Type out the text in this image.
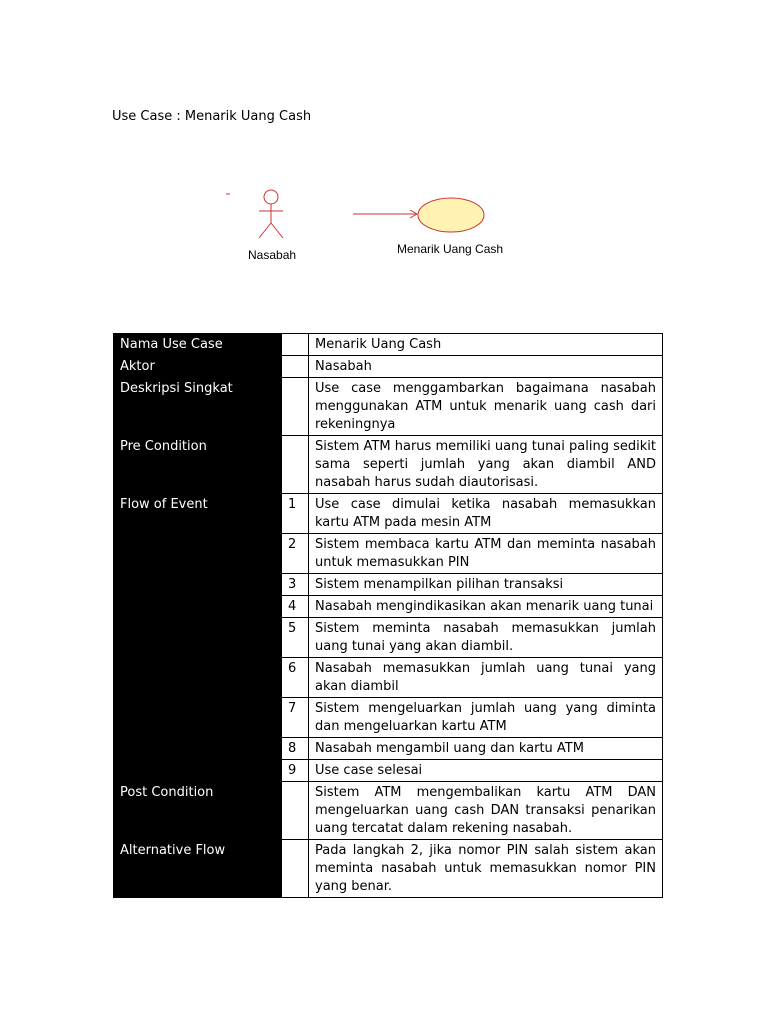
Use Case : Menarik Uang Cash
Nasabah	Menarik Uang Cash
Nama Use Case		Menarik Uang Cash
Aktor		Nasabah
Deskripsi Singkat		Use case menggambarkan bagaimana nasabah menggunakan ATM untuk menarik uang cash dari rekeningnya
Pre Condition		Sistem ATM harus memiliki uang tunai paling sedikit sama seperti jumlah yang akan diambil AND nasabah harus sudah diautorisasi.
Flow of Event	1	Use case dimulai ketika nasabah memasukkan kartu ATM pada mesin ATM
	2	Sistem membaca kartu ATM dan meminta nasabah untuk memasukkan PIN
	3	Sistem menampilkan pilihan transaksi
	4	Nasabah mengindikasikan akan menarik uang tunai
	5	Sistem meminta nasabah memasukkan jumlah uang tunai yang akan diambil.
	6	Nasabah memasukkan jumlah uang tunai yang akan diambil
	7	Sistem mengeluarkan jumlah uang yang diminta dan mengeluarkan kartu ATM
	8	Nasabah mengambil uang dan kartu ATM
	9	Use case selesai
Post Condition		Sistem ATM mengembalikan kartu ATM DAN mengeluarkan uang cash DAN transaksi penarikan uang tercatat dalam rekening nasabah.
Alternative Flow		Pada langkah 2, jika nomor PIN salah sistem akan meminta nasabah untuk memasukkan nomor PIN yang benar.
